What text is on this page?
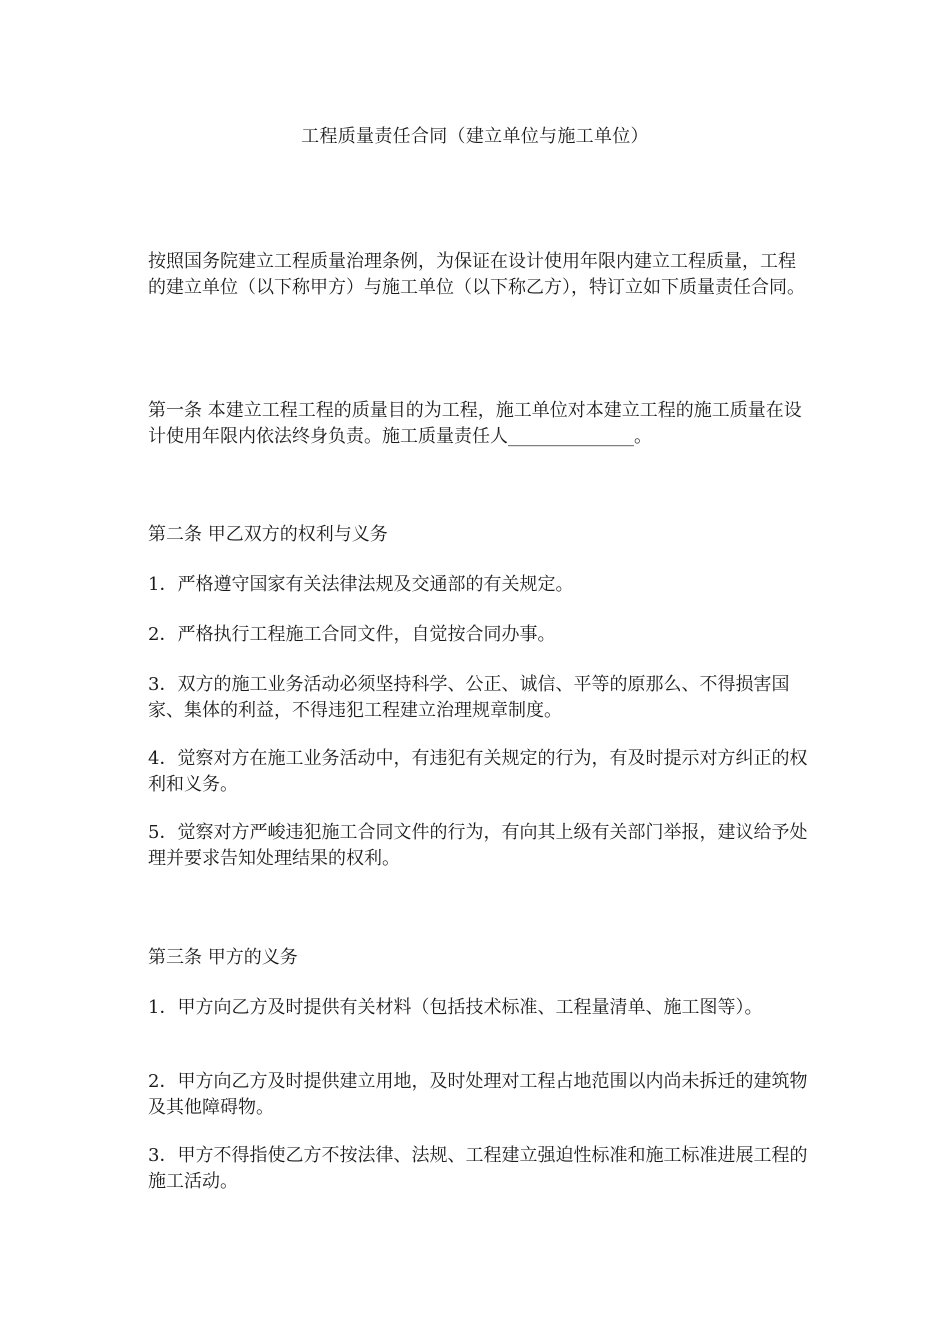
工程质量责任合同（建立单位与施工单位）

按照国务院建立工程质量治理条例，为保证在设计使用年限内建立工程质量，工程的建立单位（以下称甲方）与施工单位（以下称乙方），特订立如下质量责任合同。

第一条 本建立工程工程的质量目的为工程，施工单位对本建立工程的施工质量在设计使用年限内依法终身负责。施工质量责任人______________。

第二条 甲乙双方的权利与义务

1．严格遵守国家有关法律法规及交通部的有关规定。

2．严格执行工程施工合同文件，自觉按合同办事。

3．双方的施工业务活动必须坚持科学、公正、诚信、平等的原那么、不得损害国家、集体的利益，不得违犯工程建立治理规章制度。

4．觉察对方在施工业务活动中，有违犯有关规定的行为，有及时提示对方纠正的权利和义务。

5．觉察对方严峻违犯施工合同文件的行为，有向其上级有关部门举报，建议给予处理并要求告知处理结果的权利。

第三条 甲方的义务

1．甲方向乙方及时提供有关材料（包括技术标准、工程量清单、施工图等）。

2．甲方向乙方及时提供建立用地，及时处理对工程占地范围以内尚未拆迁的建筑物及其他障碍物。

3．甲方不得指使乙方不按法律、法规、工程建立强迫性标准和施工标准进展工程的施工活动。
